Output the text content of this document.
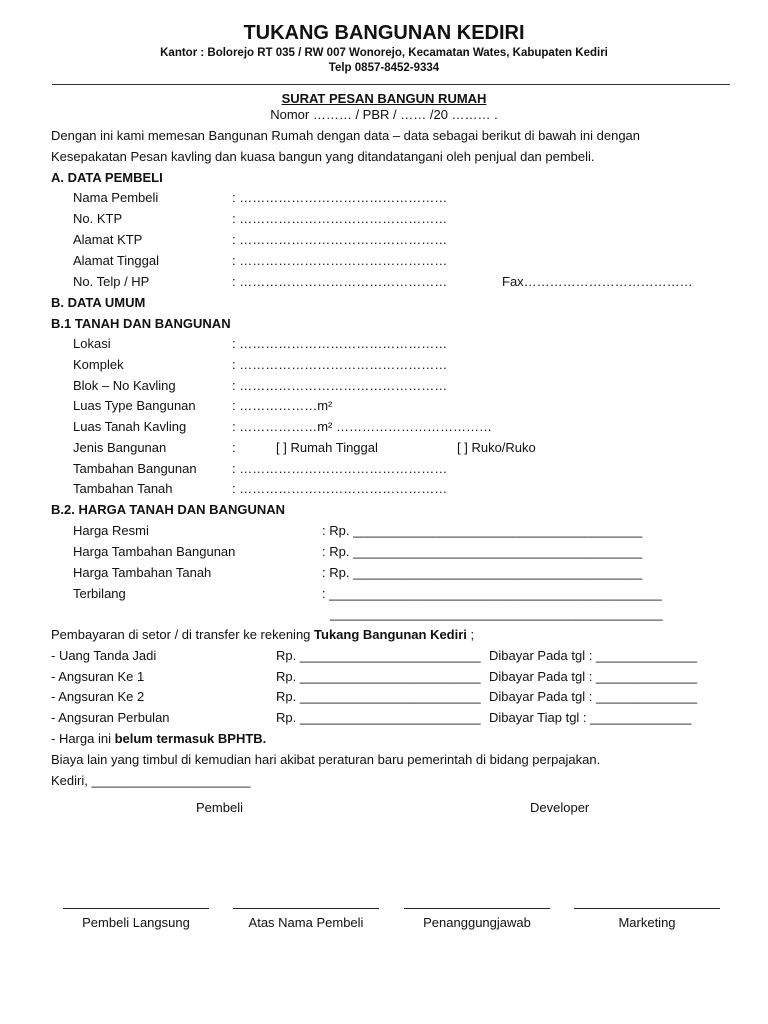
TUKANG BANGUNAN KEDIRI
Kantor : Bolorejo RT 035 / RW 007 Wonorejo, Kecamatan Wates, Kabupaten Kediri
Telp 0857-8452-9334
SURAT PESAN BANGUN RUMAH
Nomor ……… / PBR / …… /20 ……… .
Dengan ini kami memesan Bangunan Rumah dengan data – data sebagai berikut di bawah ini dengan
Kesepakatan Pesan kavling dan kuasa bangun yang ditandatangani oleh penjual dan pembeli.
A. DATA PEMBELI
Nama Pembeli	: …………………………………………
No. KTP	: …………………………………………
Alamat KTP	: …………………………………………
Alamat Tinggal	: …………………………………………
No. Telp / HP	: …………………………………………	Fax…………………………………
B. DATA UMUM
B.1 TANAH DAN BANGUNAN
Lokasi	: …………………………………………
Komplek	: …………………………………………
Blok – No Kavling	: …………………………………………
Luas Type Bangunan	: ………………m²
Luas Tanah Kavling	: ………………m² ………………………………
Jenis Bangunan	:	[ ] Rumah Tinggal	[ ] Ruko/Ruko
Tambahan Bangunan	: …………………………………………
Tambahan Tanah	: …………………………………………
B.2. HARGA TANAH DAN BANGUNAN
Harga Resmi	: Rp. ________________________________________
Harga Tambahan Bangunan	: Rp. ________________________________________
Harga Tambahan Tanah	: Rp. ________________________________________
Terbilang	: ______________________________________________
______________________________________________
Pembayaran di setor / di transfer ke rekening Tukang Bangunan Kediri ;
- Uang Tanda Jadi	Rp. _________________________ Dibayar Pada tgl : ______________
- Angsuran Ke 1	Rp. _________________________ Dibayar Pada tgl : ______________
- Angsuran Ke 2	Rp. _________________________ Dibayar Pada tgl : ______________
- Angsuran Perbulan	Rp. _________________________ Dibayar Tiap tgl : ______________
- Harga ini belum termasuk BPHTB.
Biaya lain yang timbul di kemudian hari akibat peraturan baru pemerintah di bidang perpajakan.
Kediri, ______________________
Pembeli	Developer
Pembeli Langsung	Atas Nama Pembeli	Penanggungjawab	Marketing
